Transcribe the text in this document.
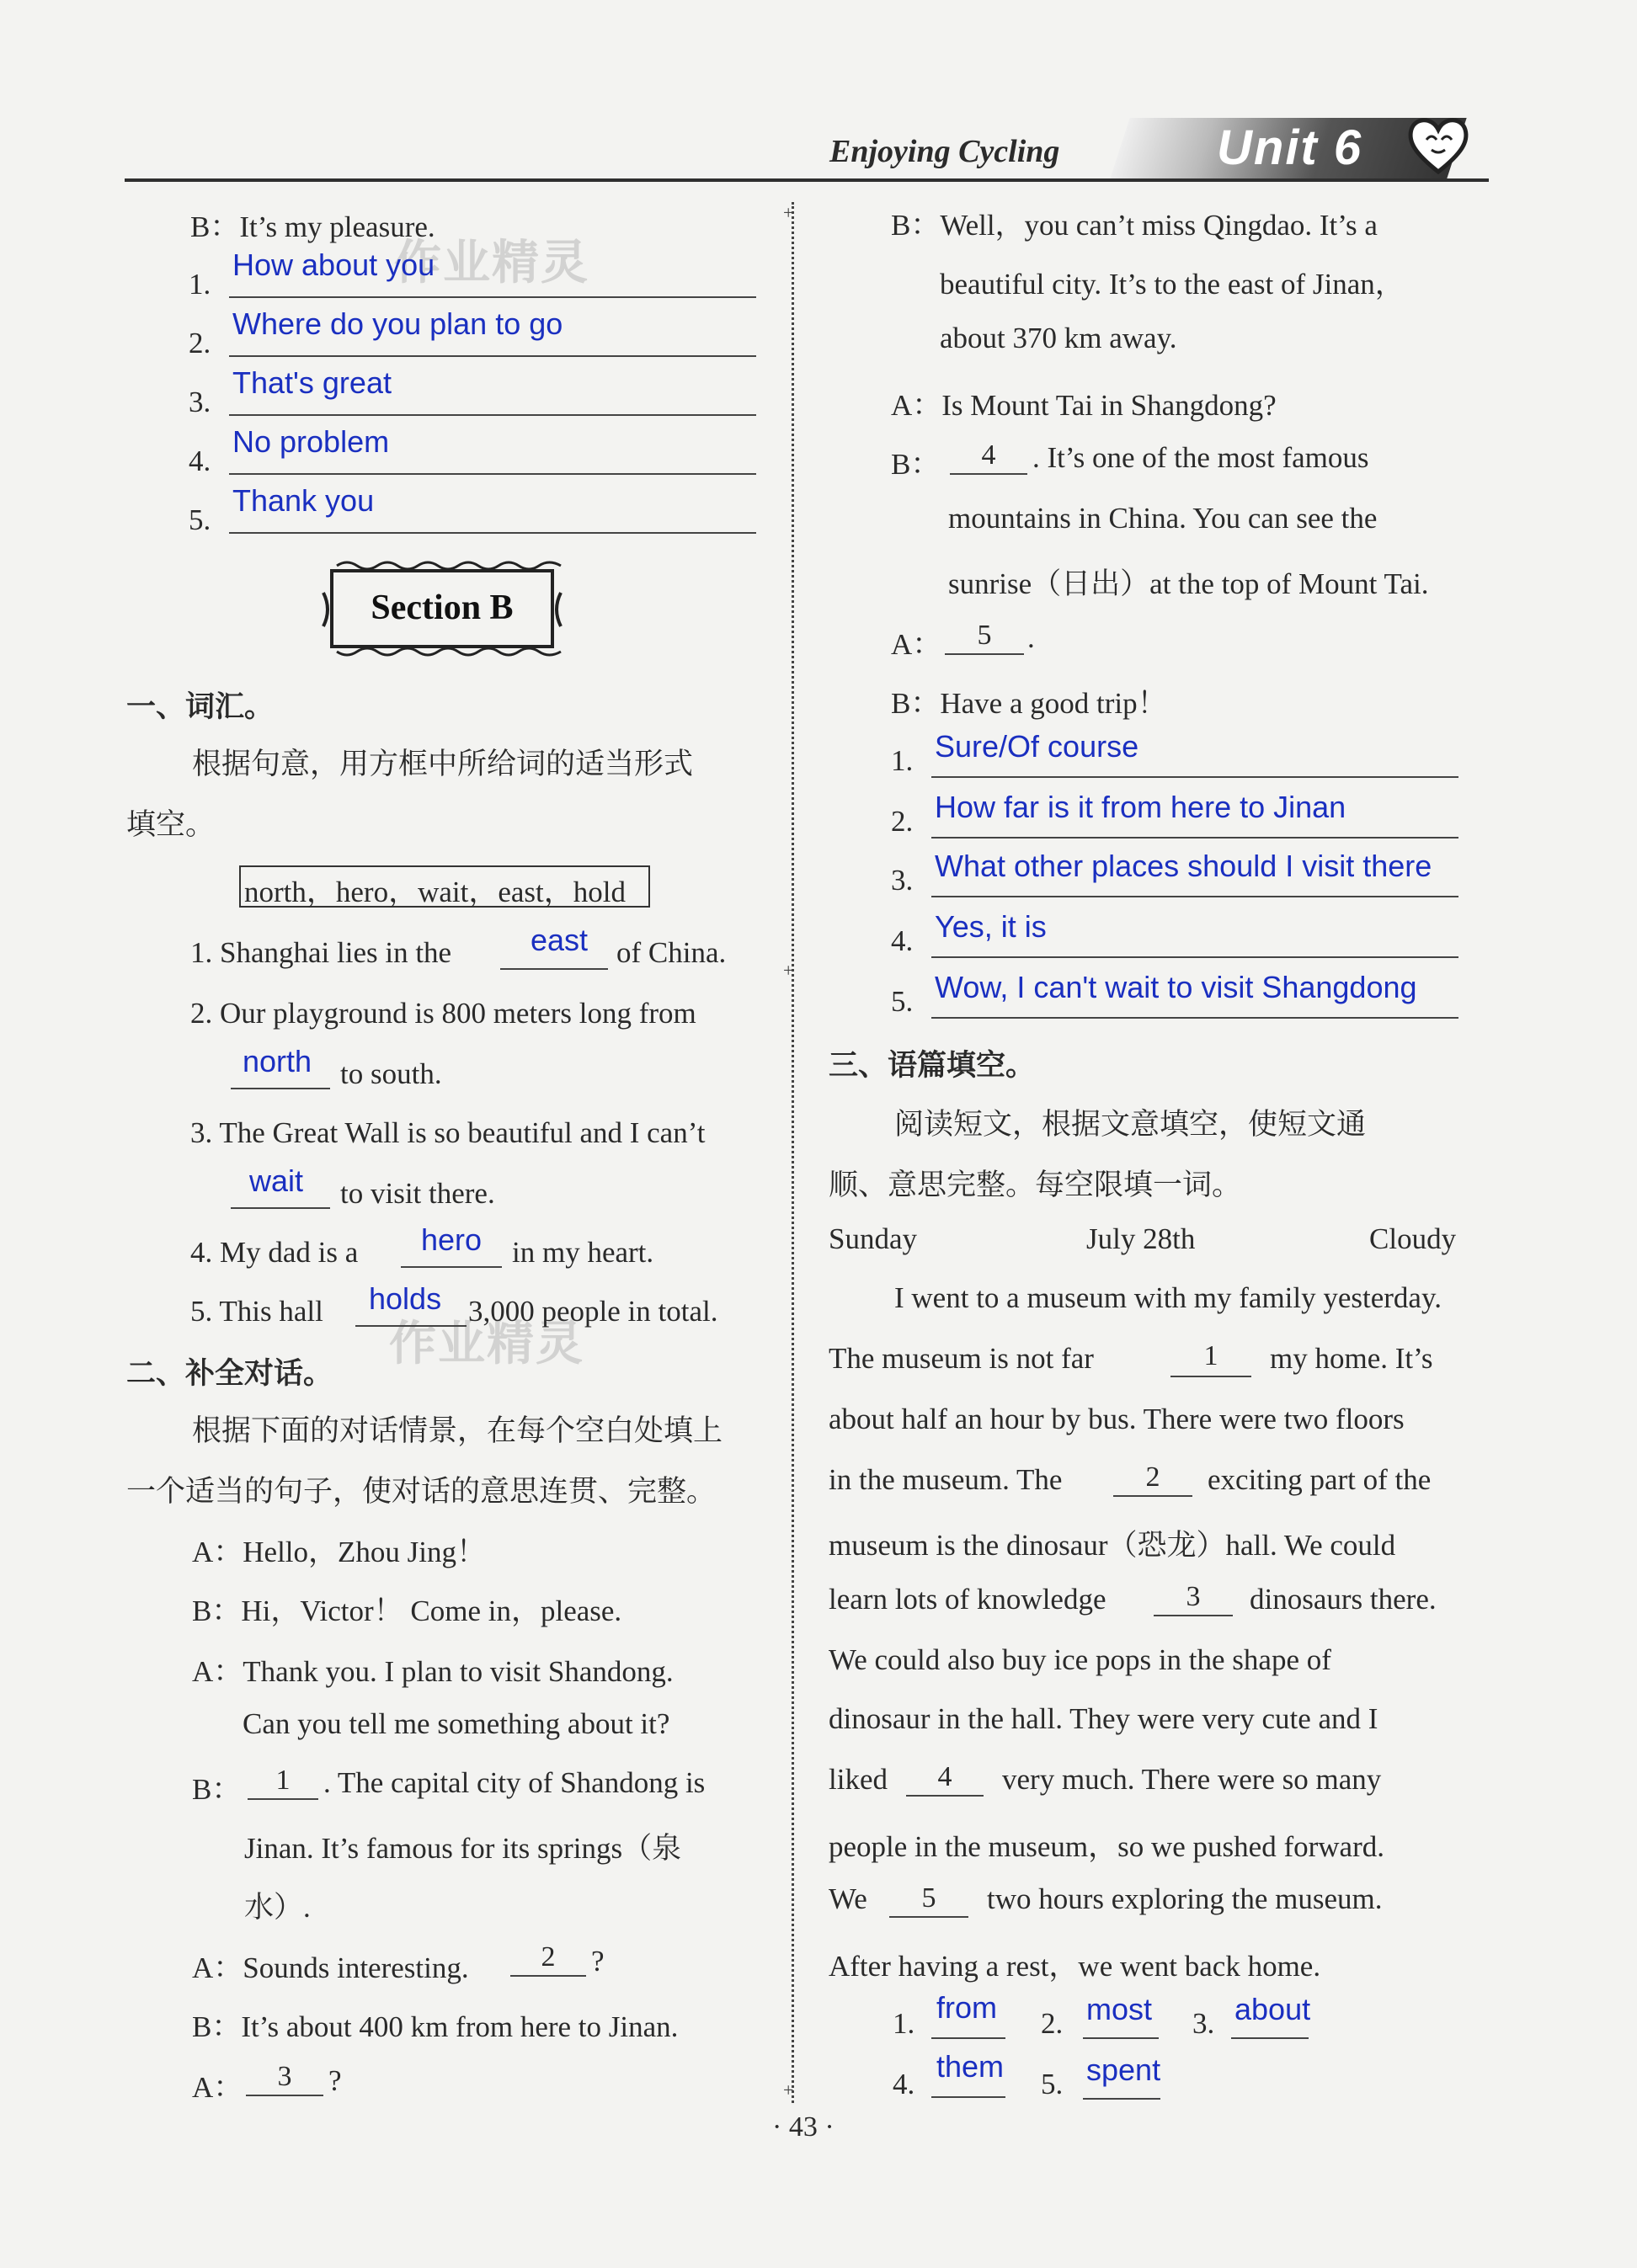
Enjoying Cycling	Unit 6
+
+
+
作业精灵
作业精灵
B：It’s my pleasure.
1.
How about you
2.
Where do you plan to go
3.
That's great
4.
No problem
5.
Thank you
Section B
一、词汇。
根据句意，用方框中所给词的适当形式
填空。
north，hero，wait，east，hold
1. Shanghai lies in the	east of China.
2. Our playground is 800 meters long from
north to south.
3. The Great Wall is so beautiful and I can’t
wait to visit there.
4. My dad is a hero in my heart.
5. This hall holds 3,000 people in total.
二、补全对话。
根据下面的对话情景，在每个空白处填上
一个适当的句子，使对话的意思连贯、完整。
A：Hello，Zhou Jing！
B：Hi，Victor！ Come in，please.
A：Thank you. I plan to visit Shandong.
Can you tell me something about it?
B：	1	. The capital city of Shandong is
Jinan. It’s famous for its springs（泉
水）.
A：Sounds interesting.	2	?
B：It’s about 400 km from here to Jinan.
A：	3	?
B：Well，you can’t miss Qingdao. It’s a
beautiful city. It’s to the east of Jinan，
about 370 km away.
A：Is Mount Tai in Shangdong?
B：	4	. It’s one of the most famous
mountains in China. You can see the
sunrise（日出）at the top of Mount Tai.
A：	5	.
B：Have a good trip！
1. Sure/Of course
2. How far is it from here to Jinan
3. What other places should I visit there
4. Yes, it is
5. Wow, I can't wait to visit Shangdong
三、语篇填空。
阅读短文，根据文意填空，使短文通
顺、意思完整。每空限填一词。
Sunday	July 28th	Cloudy
I went to a museum with my family yesterday.
The museum is not far	1	my home. It’s
about half an hour by bus. There were two floors
in the museum. The	2	exciting part of the
museum is the dinosaur（恐龙）hall. We could
learn lots of knowledge	3	dinosaurs there.
We could also buy ice pops in the shape of
dinosaur in the hall. They were very cute and I
liked	4	very much. There were so many
people in the museum，so we pushed forward.
We	5	two hours exploring the museum.
After having a rest，we went back home.
1. from 2. most 3. about
4.
them
5. spent
· 43 ·
